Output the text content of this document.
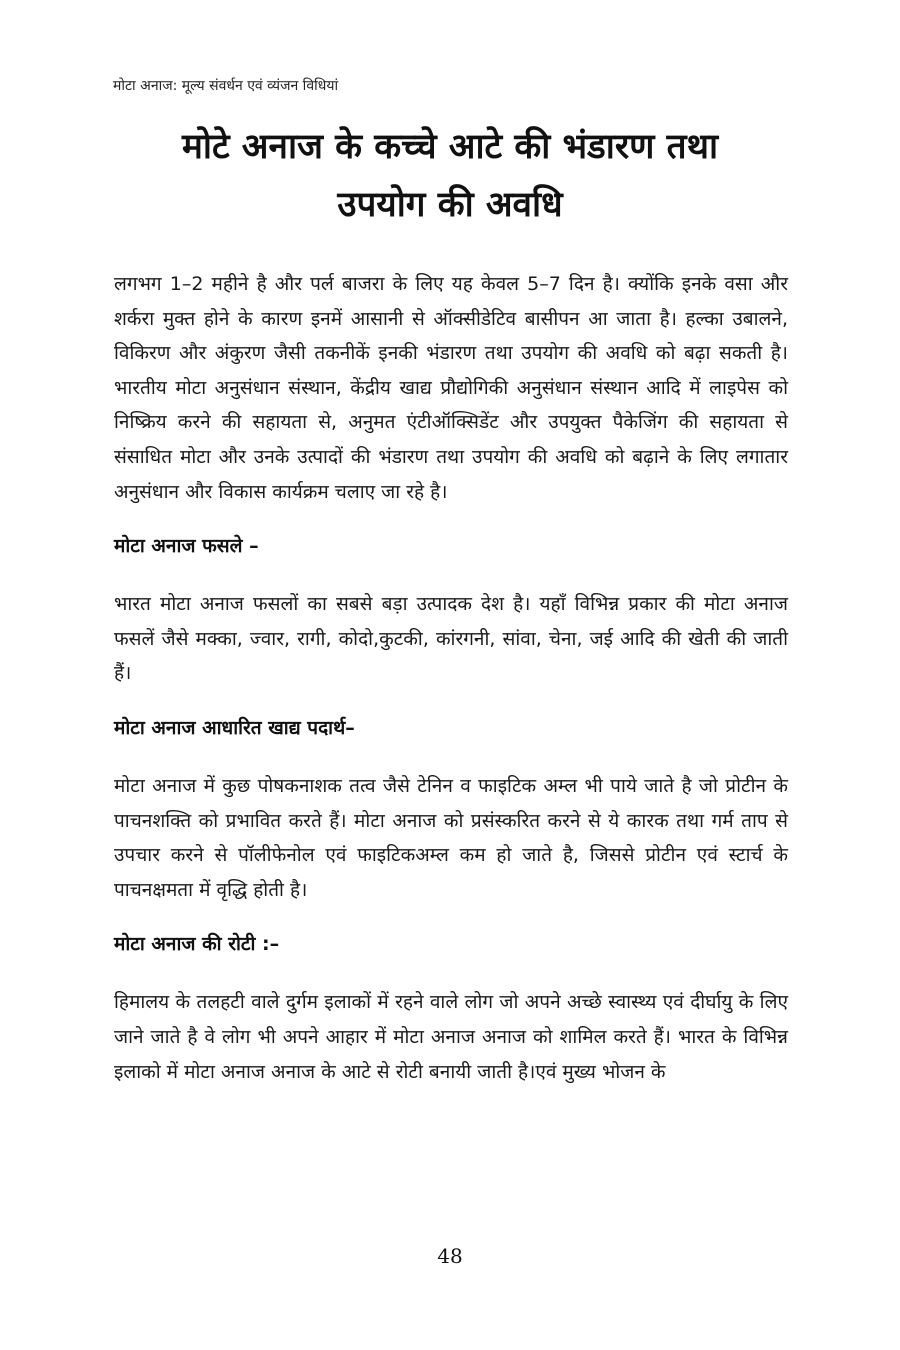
मोटा अनाज: मूल्य संवर्धन एवं व्यंजन विधियां
मोटे अनाज के कच्चे आटे की भंडारण तथा
उपयोग की अवधि

लगभग 1–2 महीने है और पर्ल बाजरा के लिए यह केवल 5–7 दिन है। क्योंकि इनके वसा और शर्करा मुक्त होने के कारण इनमें आसानी से ऑक्सीडेटिव बासीपन आ जाता है। हल्का उबालने, विकिरण और अंकुरण जैसी तकनीकें इनकी भंडारण तथा उपयोग की अवधि को बढ़ा सकती है। भारतीय मोटा अनुसंधान संस्थान, केंद्रीय खाद्य प्रौद्योगिकी अनुसंधान संस्थान आदि में लाइपेस को निष्क्रिय करने की सहायता से, अनुमत एंटीऑक्सिडेंट और उपयुक्त पैकेजिंग की सहायता से संसाधित मोटा और उनके उत्पादों की भंडारण तथा उपयोग की अवधि को बढ़ाने के लिए लगातार अनुसंधान और विकास कार्यक्रम चलाए जा रहे है।

मोटा अनाज फसले –

भारत मोटा अनाज फसलों का सबसे बड़ा उत्पादक देश है। यहाँ विभिन्न प्रकार की मोटा अनाज फसलें जैसे मक्का, ज्वार, रागी, कोदो,कुटकी, कांरगनी, सांवा, चेना, जई आदि की खेती की जाती हैं।

मोटा अनाज आधारित खाद्य पदार्थ–

मोटा अनाज में कुछ पोषकनाशक तत्व जैसे टेनिन व फाइटिक अम्ल भी पाये जाते है जो प्रोटीन के पाचनशक्ति को प्रभावित करते हैं। मोटा अनाज को प्रसंस्करित करने से ये कारक तथा गर्म ताप से उपचार करने से पॉलीफेनोल एवं फाइटिकअम्ल कम हो जाते है, जिससे प्रोटीन एवं स्टार्च के पाचनक्षमता में वृद्धि होती है।

मोटा अनाज की रोटी :–

हिमालय के तलहटी वाले दुर्गम इलाकों में रहने वाले लोग जो अपने अच्छे स्वास्थ्य एवं दीर्घायु के लिए जाने जाते है वे लोग भी अपने आहार में मोटा अनाज अनाज को शामिल करते हैं। भारत के विभिन्न इलाको में मोटा अनाज अनाज के आटे से रोटी बनायी जाती है।एवं मुख्य भोजन के

48
